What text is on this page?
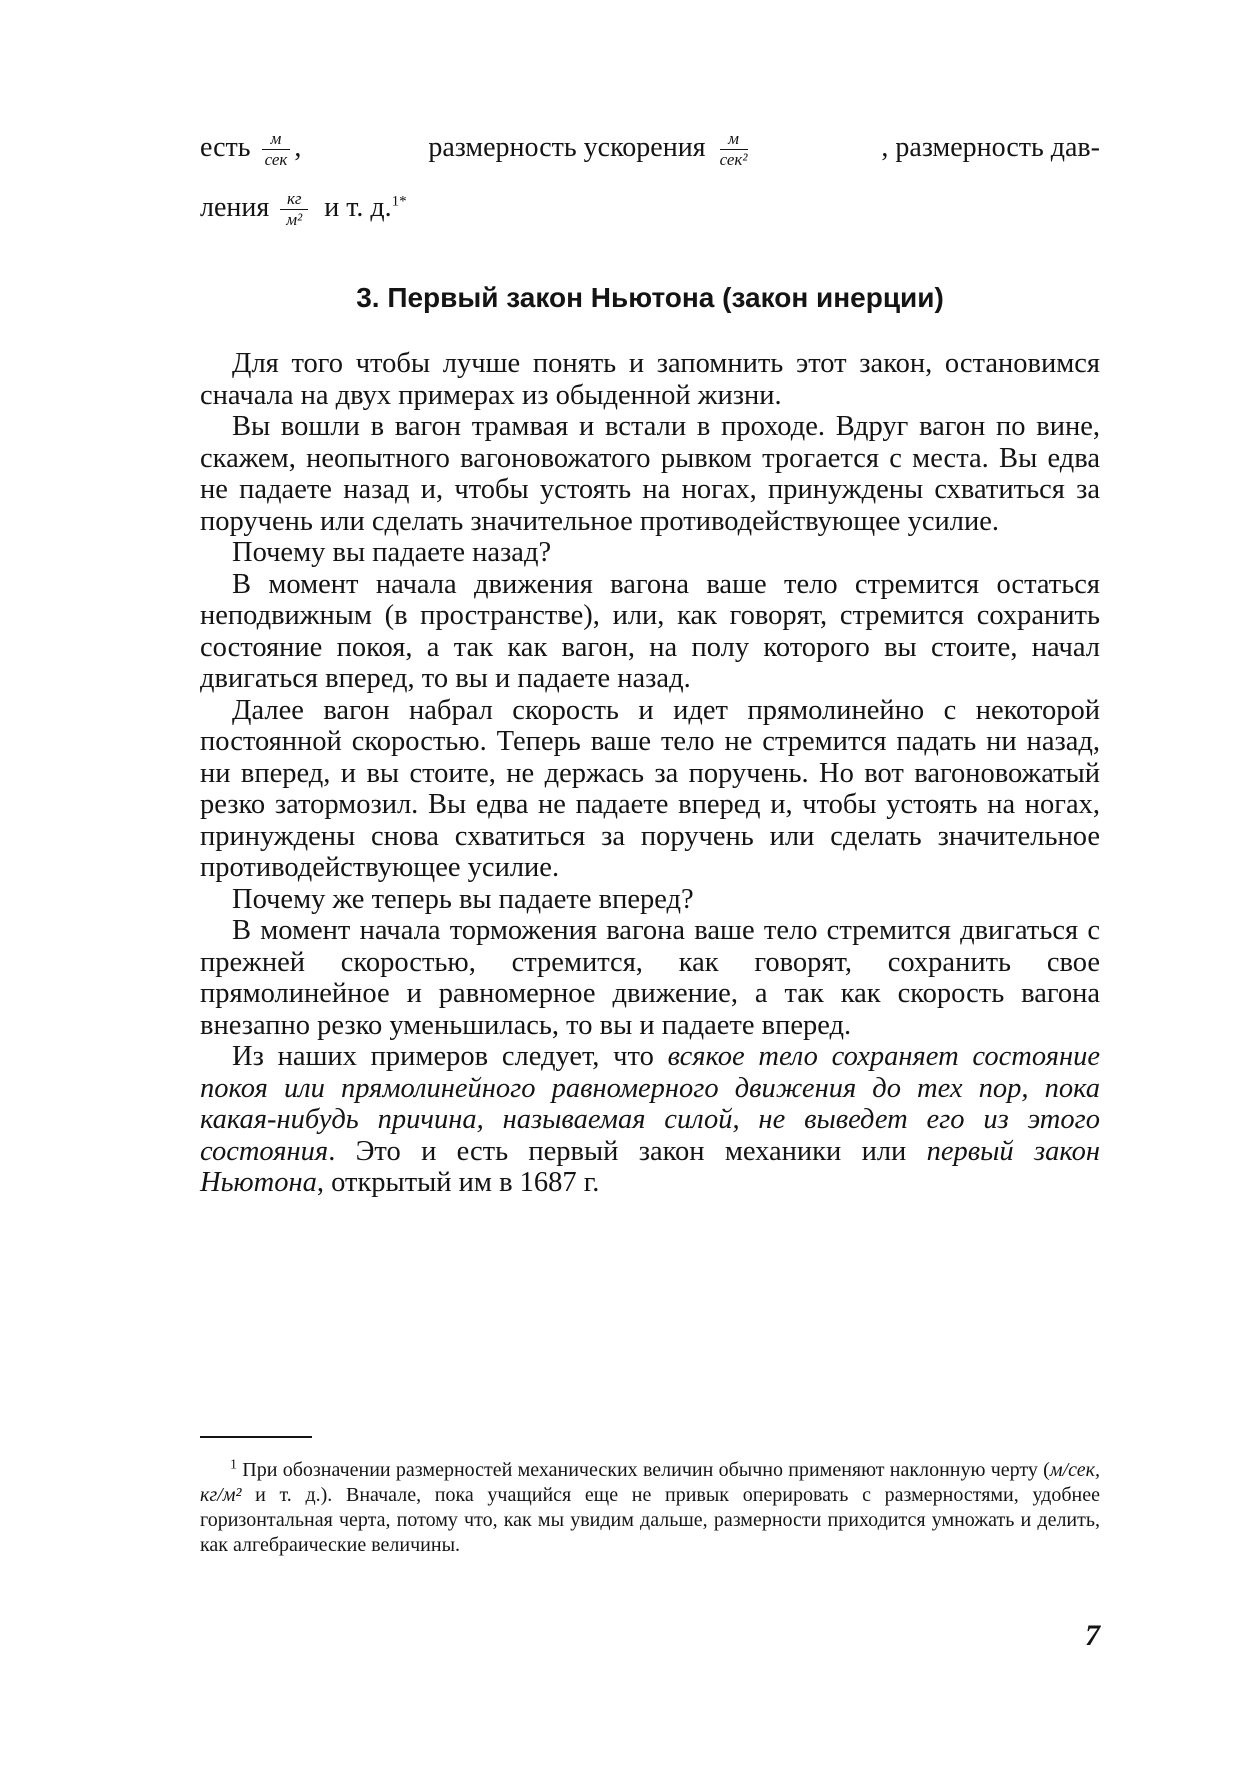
есть $\frac{м}{\text{сек}}$ ,	размерность ускорения $\frac{м}{\text{сек²}}$	, размерность дав-
ления $\frac{кг}{\text{м²}}$ и т. д.$^{1*}$
3. Первый закон Ньютона (закон инерции)

Для того чтобы лучше понять и запомнить этот закон, остановимся сначала на двух примерах из обыденной жизни.

Вы вошли в вагон трамвая и встали в проходе. Вдруг вагон по вине, скажем, неопытного вагоновожатого рывком трогается с места. Вы едва не падаете назад и, чтобы устоять на ногах, принуждены схватиться за поручень или сделать значительное противодействующее усилие.

Почему вы падаете назад?

В момент начала движения вагона ваше тело стремится остаться неподвижным (в пространстве), или, как говорят, стремится сохранить состояние покоя, а так как вагон, на полу которого вы стоите, начал двигаться вперед, то вы и падаете назад.

Далее вагон набрал скорость и идет прямолинейно с некоторой постоянной скоростью. Теперь ваше тело не стремится падать ни назад, ни вперед, и вы стоите, не держась за поручень. Но вот вагоновожатый резко затормозил. Вы едва не падаете вперед и, чтобы устоять на ногах, принуждены снова схватиться за поручень или сделать значительное противодействующее усилие.

Почему же теперь вы падаете вперед?

В момент начала торможения вагона ваше тело стремится двигаться с прежней скоростью, стремится, как говорят, сохранить свое прямолинейное и равномерное движение, а так как скорость вагона внезапно резко уменьшилась, то вы и падаете вперед.

Из наших примеров следует, что всякое тело сохраняет состояние покоя или прямолинейного равномерного движения до тех пор, пока какая-нибудь причина, называемая силой, не выведет его из этого состояния. Это и есть первый закон механики или первый закон Ньютона, открытый им в 1687 г.

$^1$ При обозначении размерностей механических величин обычно применяют наклонную черту (м/сек, кг/м² и т. д.). Вначале, пока учащийся еще не привык оперировать с размерностями, удобнее горизонтальная черта, потому что, как мы увидим дальше, размерности приходится умножать и делить, как алгебраические величины.

7
